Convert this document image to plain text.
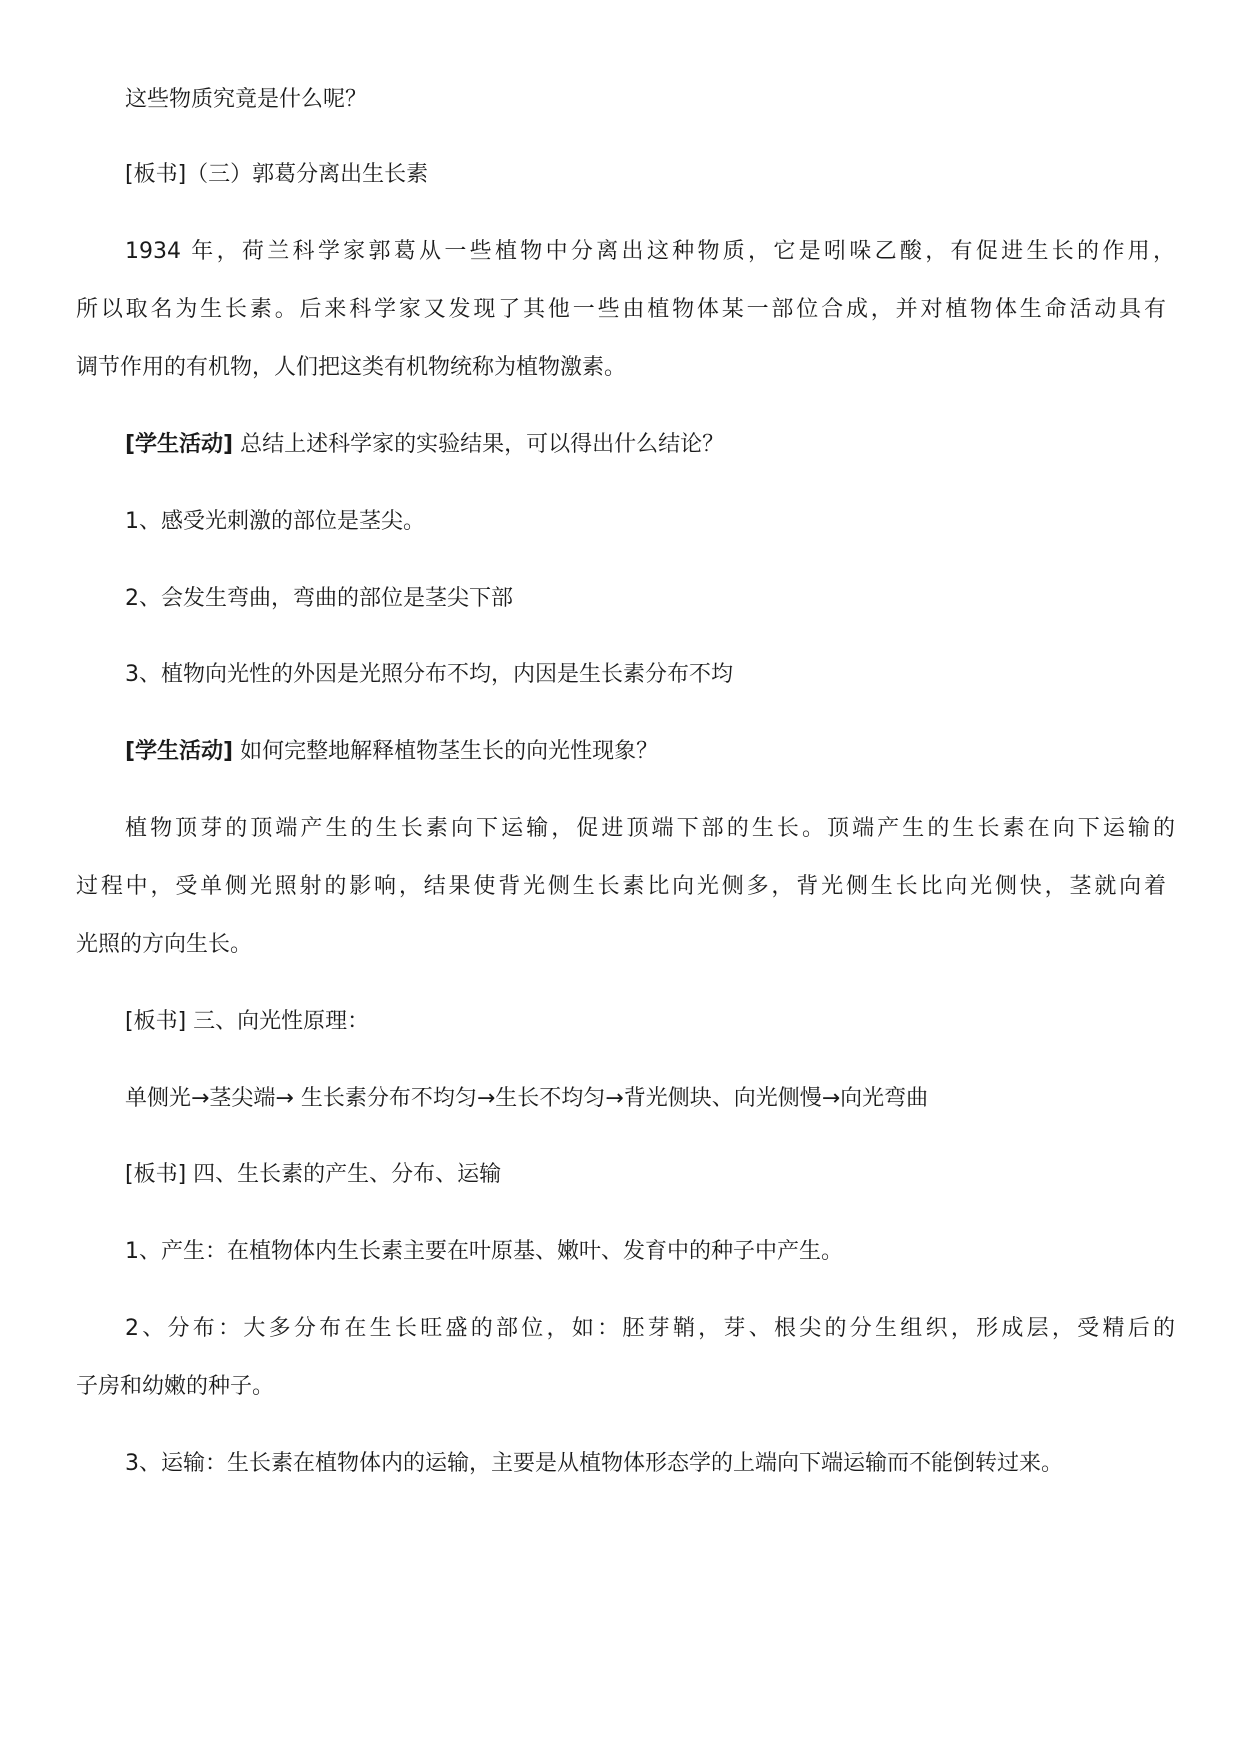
这些物质究竟是什么呢？
[板书]（三）郭葛分离出生长素
1934 年，荷兰科学家郭葛从一些植物中分离出这种物质，它是吲哚乙酸，有促进生长的作用，
所以取名为生长素。后来科学家又发现了其他一些由植物体某一部位合成，并对植物体生命活动具有
调节作用的有机物，人们把这类有机物统称为植物激素。
[学生活动] 总结上述科学家的实验结果，可以得出什么结论？
1、感受光刺激的部位是茎尖。
2、会发生弯曲，弯曲的部位是茎尖下部
3、植物向光性的外因是光照分布不均，内因是生长素分布不均
[学生活动] 如何完整地解释植物茎生长的向光性现象？
植物顶芽的顶端产生的生长素向下运输，促进顶端下部的生长。顶端产生的生长素在向下运输的
过程中，受单侧光照射的影响，结果使背光侧生长素比向光侧多，背光侧生长比向光侧快，茎就向着
光照的方向生长。
[板书] 三、向光性原理：
单侧光→茎尖端→ 生长素分布不均匀→生长不均匀→背光侧块、向光侧慢→向光弯曲
[板书] 四、生长素的产生、分布、运输
1、产生：在植物体内生长素主要在叶原基、嫩叶、发育中的种子中产生。
2、分布：大多分布在生长旺盛的部位，如：胚芽鞘，芽、根尖的分生组织，形成层，受精后的
子房和幼嫩的种子。
3、运输：生长素在植物体内的运输，主要是从植物体形态学的上端向下端运输而不能倒转过来。
